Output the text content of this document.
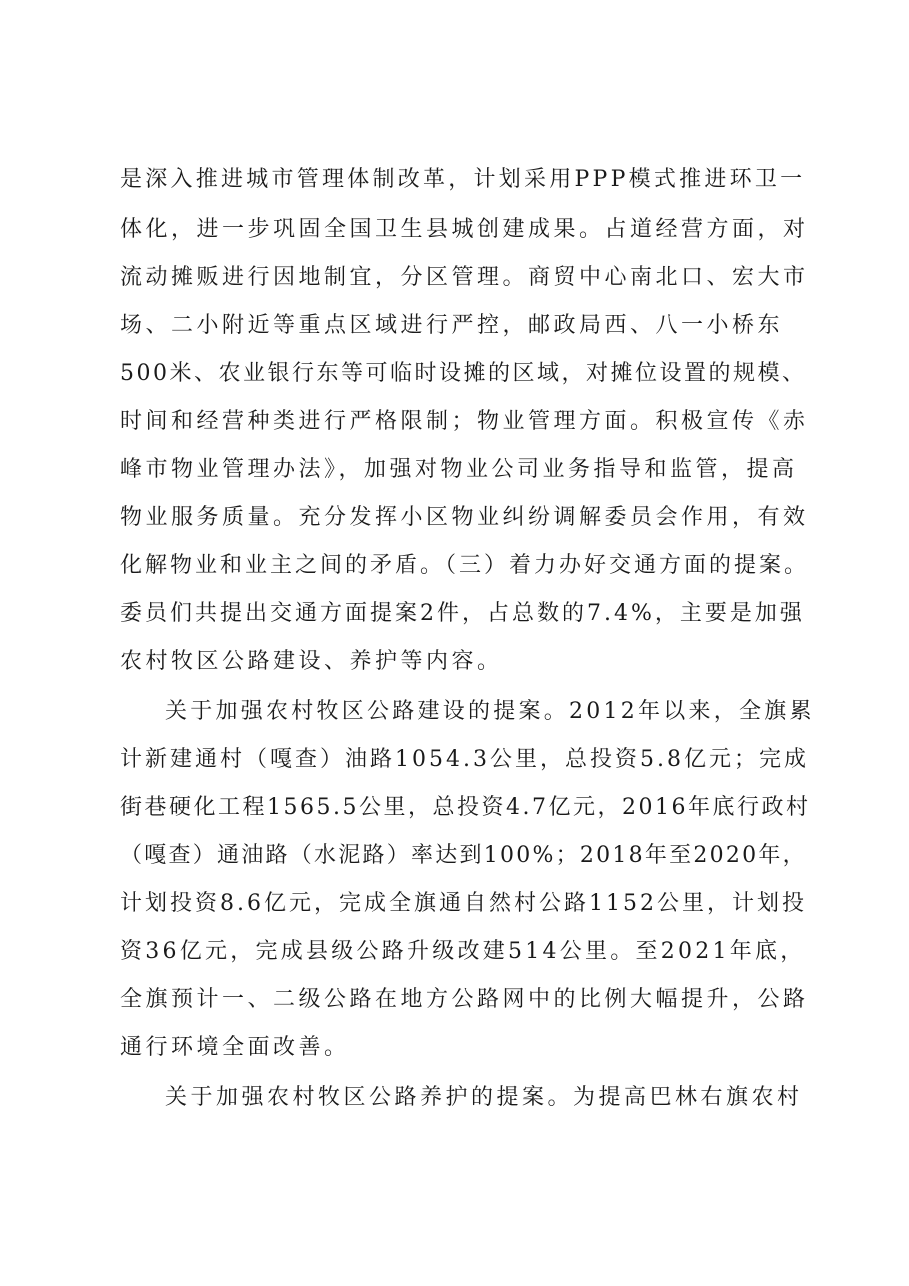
是深入推进城市管理体制改革，计划采用PPP模式推进环卫一
体化，进一步巩固全国卫生县城创建成果。占道经营方面，对
流动摊贩进行因地制宜，分区管理。商贸中心南北口、宏大市
场、二小附近等重点区域进行严控，邮政局西、八一小桥东
500米、农业银行东等可临时设摊的区域，对摊位设置的规模、
时间和经营种类进行严格限制；物业管理方面。积极宣传《赤
峰市物业管理办法》，加强对物业公司业务指导和监管，提高
物业服务质量。充分发挥小区物业纠纷调解委员会作用，有效
化解物业和业主之间的矛盾。（三）着力办好交通方面的提案。
委员们共提出交通方面提案2件，占总数的7.4%，主要是加强
农村牧区公路建设、养护等内容。
关于加强农村牧区公路建设的提案。2012年以来，全旗累
计新建通村（嘎查）油路1054.3公里，总投资5.8亿元；完成
街巷硬化工程1565.5公里，总投资4.7亿元，2016年底行政村
（嘎查）通油路（水泥路）率达到100%；2018年至2020年，
计划投资8.6亿元，完成全旗通自然村公路1152公里，计划投
资36亿元，完成县级公路升级改建514公里。至2021年底，
全旗预计一、二级公路在地方公路网中的比例大幅提升，公路
通行环境全面改善。
关于加强农村牧区公路养护的提案。为提高巴林右旗农村
